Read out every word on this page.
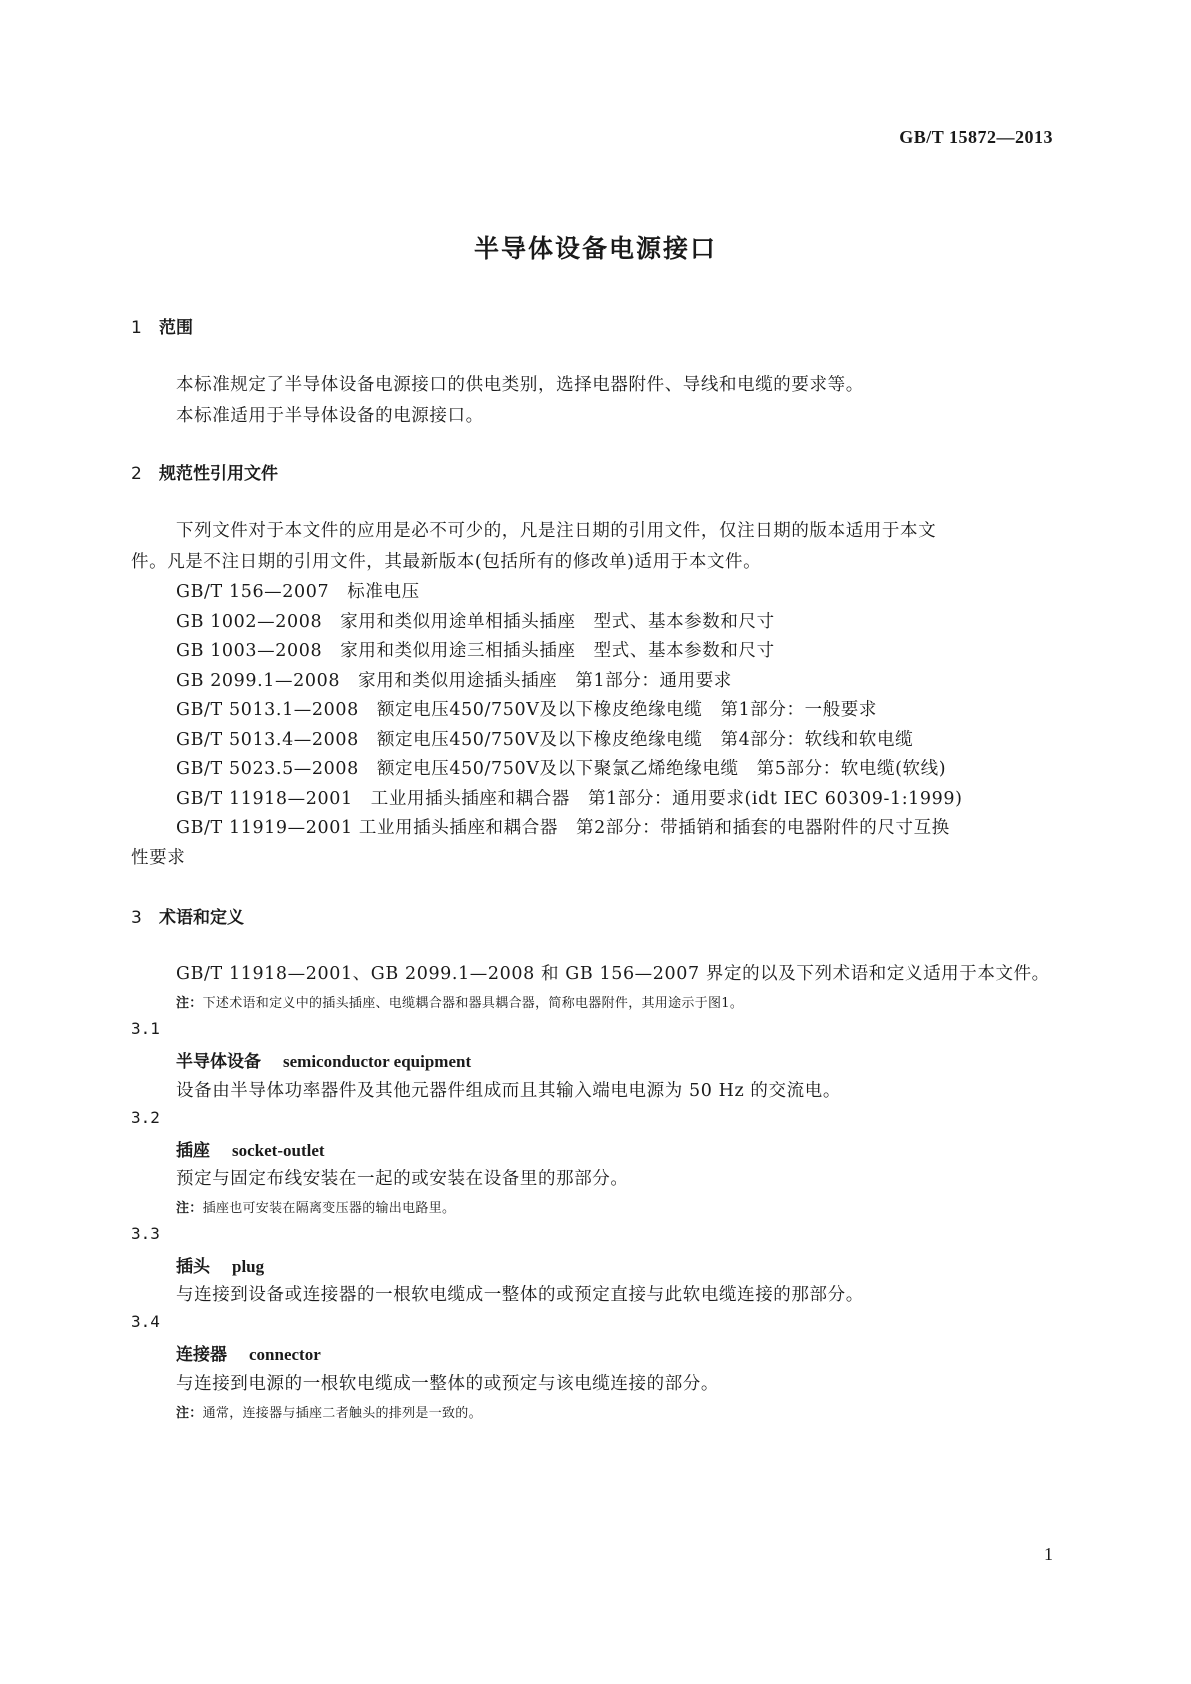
GB/T 15872—2013
半导体设备电源接口
1 范围
本标准规定了半导体设备电源接口的供电类别，选择电器附件、导线和电缆的要求等。
本标准适用于半导体设备的电源接口。
2 规范性引用文件
下列文件对于本文件的应用是必不可少的，凡是注日期的引用文件，仅注日期的版本适用于本文
件。凡是不注日期的引用文件，其最新版本(包括所有的修改单)适用于本文件。
GB/T 156—2007　标准电压
GB 1002—2008　家用和类似用途单相插头插座　型式、基本参数和尺寸
GB 1003—2008　家用和类似用途三相插头插座　型式、基本参数和尺寸
GB 2099.1—2008　家用和类似用途插头插座　第1部分：通用要求
GB/T 5013.1—2008　额定电压450/750V及以下橡皮绝缘电缆　第1部分：一般要求
GB/T 5013.4—2008　额定电压450/750V及以下橡皮绝缘电缆　第4部分：软线和软电缆
GB/T 5023.5—2008　额定电压450/750V及以下聚氯乙烯绝缘电缆　第5部分：软电缆(软线)
GB/T 11918—2001　工业用插头插座和耦合器　第1部分：通用要求(idt IEC 60309-1:1999)
GB/T 11919—2001 工业用插头插座和耦合器　第2部分：带插销和插套的电器附件的尺寸互换
性要求
3 术语和定义
GB/T 11918—2001、GB 2099.1—2008 和 GB 156—2007 界定的以及下列术语和定义适用于本文件。
注：下述术语和定义中的插头插座、电缆耦合器和器具耦合器，简称电器附件，其用途示于图1。
3.1
半导体设备 semiconductor equipment
设备由半导体功率器件及其他元器件组成而且其输入端电电源为 50 Hz 的交流电。
3.2
插座 socket-outlet
预定与固定布线安装在一起的或安装在设备里的那部分。
注：插座也可安装在隔离变压器的输出电路里。
3.3
插头 plug
与连接到设备或连接器的一根软电缆成一整体的或预定直接与此软电缆连接的那部分。
3.4
连接器 connector
与连接到电源的一根软电缆成一整体的或预定与该电缆连接的部分。
注：通常，连接器与插座二者触头的排列是一致的。
1
